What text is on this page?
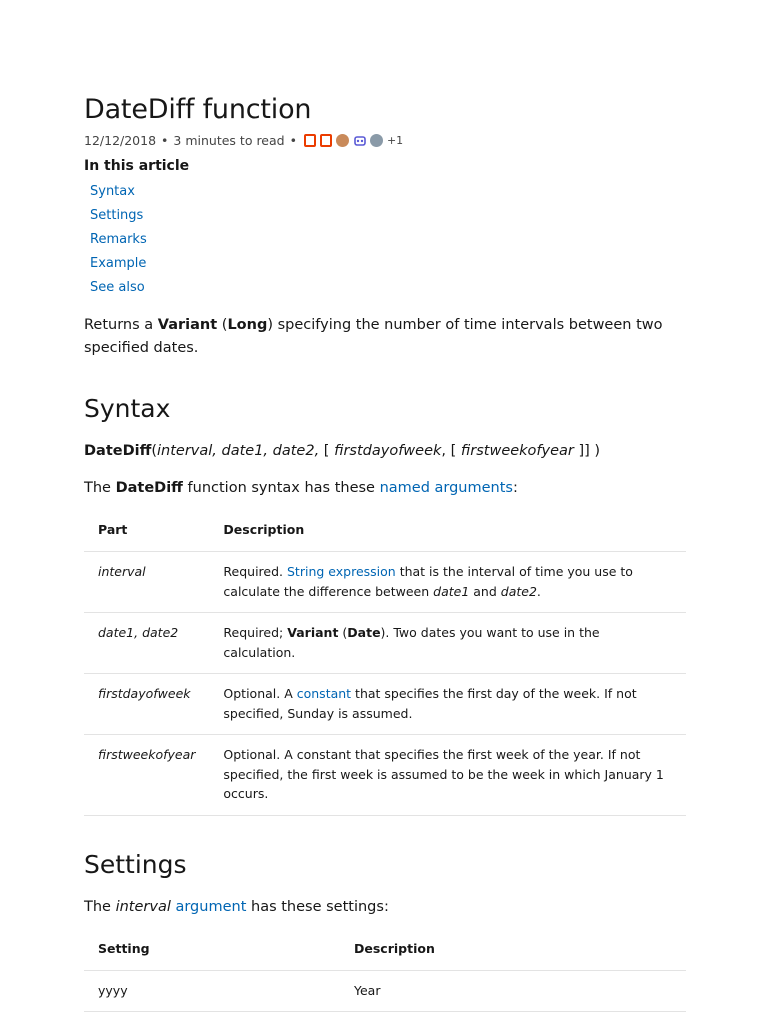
DateDiff function
12/12/2018 • 3 minutes to read •	+1
In this article
Syntax
Settings
Remarks
Example
See also

Returns a Variant (Long) specifying the number of time intervals between two specified dates.

Syntax

DateDiff(interval, date1, date2, [ firstdayofweek, [ firstweekofyear ]] )

The DateDiff function syntax has these named arguments:

Part	Description
interval	Required. String expression that is the interval of time you use to calculate the difference between date1 and date2.
date1, date2	Required; Variant (Date). Two dates you want to use in the calculation.
firstdayofweek	Optional. A constant that specifies the first day of the week. If not specified, Sunday is assumed.
firstweekofyear	Optional. A constant that specifies the first week of the year. If not specified, the first week is assumed to be the week in which January 1 occurs.
Settings

The interval argument has these settings:

Setting	Description
yyyy	Year
